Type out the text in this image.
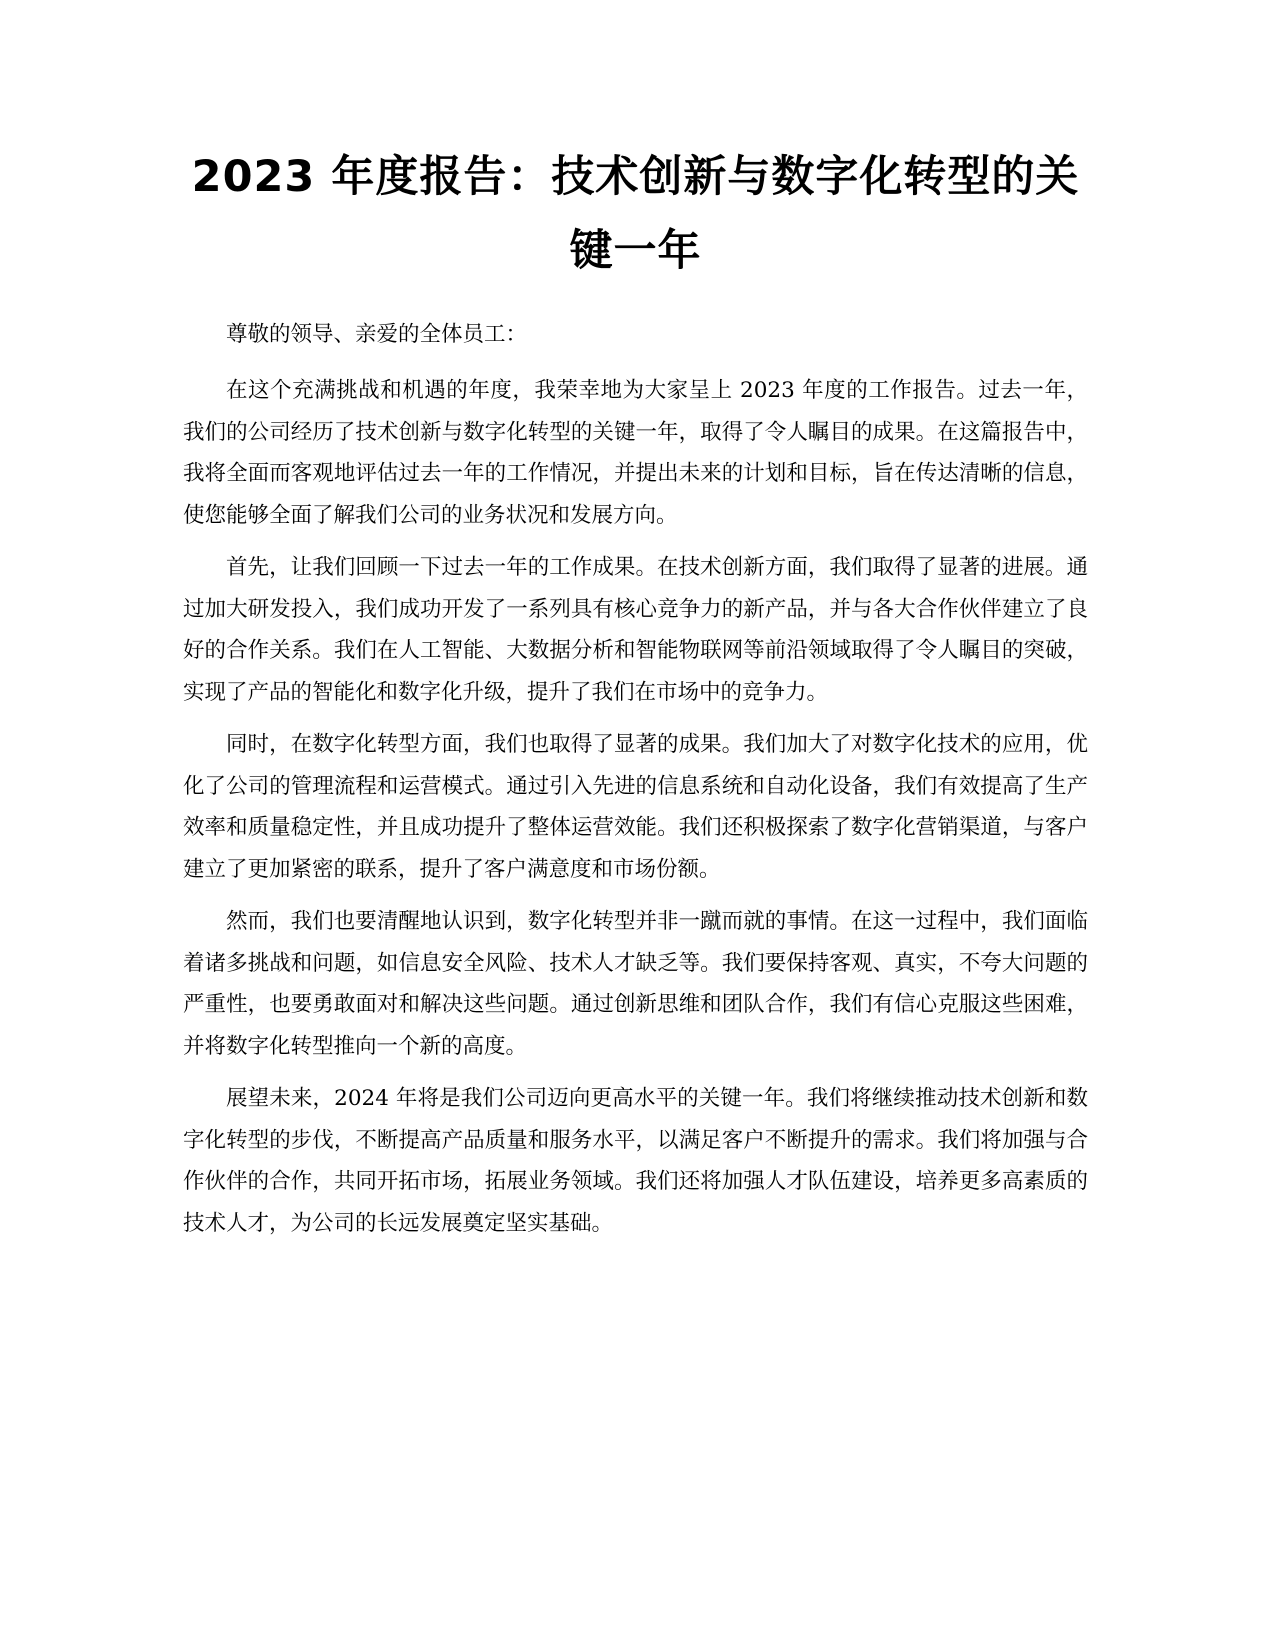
2023 年度报告：技术创新与数字化转型的关键一年

尊敬的领导、亲爱的全体员工：

在这个充满挑战和机遇的年度，我荣幸地为大家呈上 2023 年度的工作报告。过去一年，我们的公司经历了技术创新与数字化转型的关键一年，取得了令人瞩目的成果。在这篇报告中，我将全面而客观地评估过去一年的工作情况，并提出未来的计划和目标，旨在传达清晰的信息，使您能够全面了解我们公司的业务状况和发展方向。

首先，让我们回顾一下过去一年的工作成果。在技术创新方面，我们取得了显著的进展。通过加大研发投入，我们成功开发了一系列具有核心竞争力的新产品，并与各大合作伙伴建立了良好的合作关系。我们在人工智能、大数据分析和智能物联网等前沿领域取得了令人瞩目的突破，实现了产品的智能化和数字化升级，提升了我们在市场中的竞争力。

同时，在数字化转型方面，我们也取得了显著的成果。我们加大了对数字化技术的应用，优化了公司的管理流程和运营模式。通过引入先进的信息系统和自动化设备，我们有效提高了生产效率和质量稳定性，并且成功提升了整体运营效能。我们还积极探索了数字化营销渠道，与客户建立了更加紧密的联系，提升了客户满意度和市场份额。

然而，我们也要清醒地认识到，数字化转型并非一蹴而就的事情。在这一过程中，我们面临着诸多挑战和问题，如信息安全风险、技术人才缺乏等。我们要保持客观、真实，不夸大问题的严重性，也要勇敢面对和解决这些问题。通过创新思维和团队合作，我们有信心克服这些困难，并将数字化转型推向一个新的高度。

展望未来，2024 年将是我们公司迈向更高水平的关键一年。我们将继续推动技术创新和数字化转型的步伐，不断提高产品质量和服务水平，以满足客户不断提升的需求。我们将加强与合作伙伴的合作，共同开拓市场，拓展业务领域。我们还将加强人才队伍建设，培养更多高素质的技术人才，为公司的长远发展奠定坚实基础。
